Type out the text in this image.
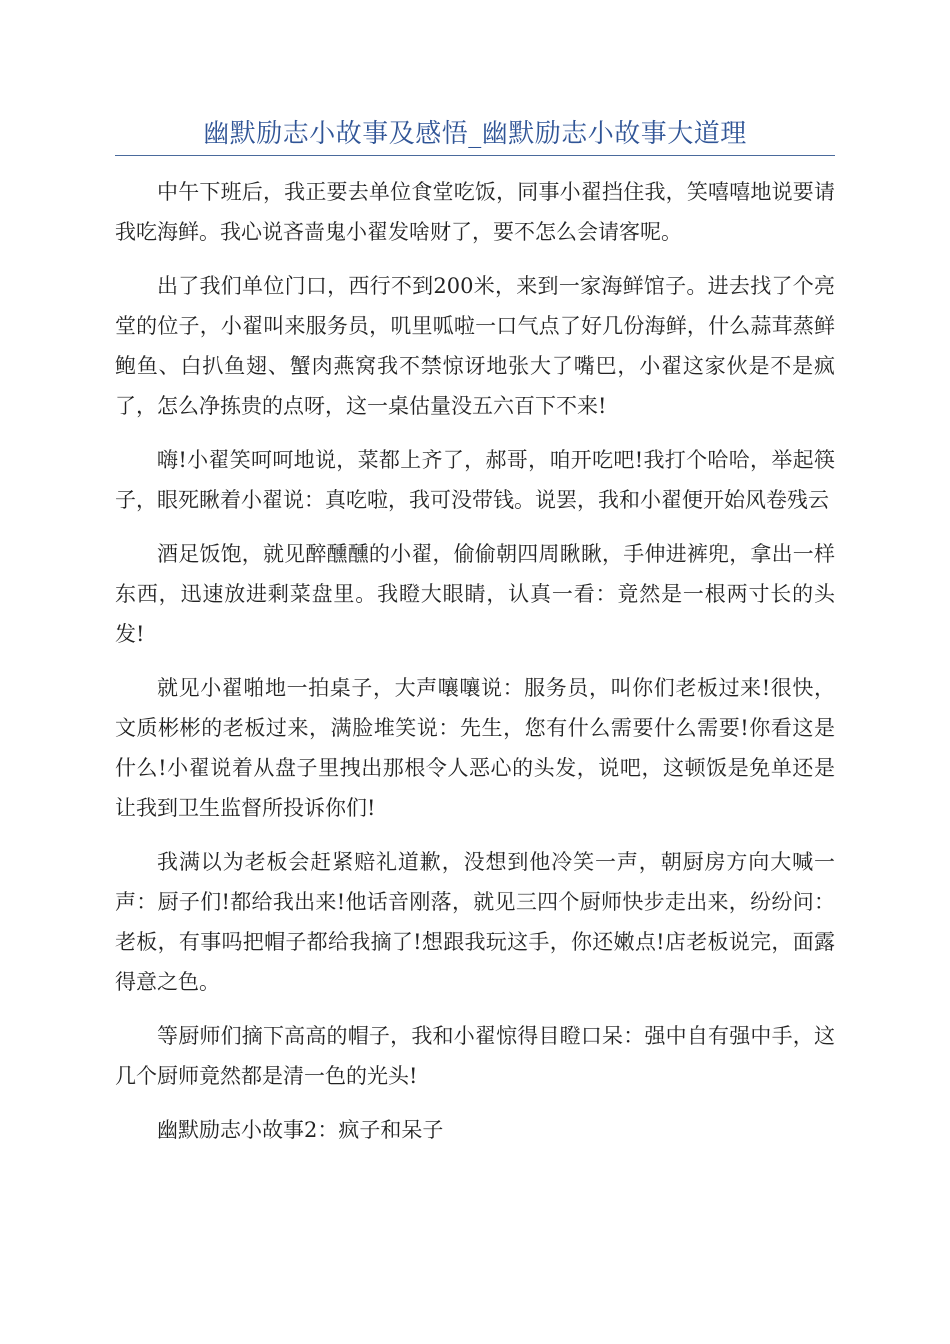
幽默励志小故事及感悟_幽默励志小故事大道理

中午下班后，我正要去单位食堂吃饭，同事小翟挡住我，笑嘻嘻地说要请我吃海鲜。我心说吝啬鬼小翟发啥财了，要不怎么会请客呢。

出了我们单位门口，西行不到200米，来到一家海鲜馆子。进去找了个亮堂的位子，小翟叫来服务员，叽里呱啦一口气点了好几份海鲜，什么蒜茸蒸鲜鲍鱼、白扒鱼翅、蟹肉燕窝我不禁惊讶地张大了嘴巴，小翟这家伙是不是疯了，怎么净拣贵的点呀，这一桌估量没五六百下不来!

嗨!小翟笑呵呵地说，菜都上齐了，郝哥，咱开吃吧!我打个哈哈，举起筷子，眼死瞅着小翟说：真吃啦，我可没带钱。说罢，我和小翟便开始风卷残云

酒足饭饱，就见醉醺醺的小翟，偷偷朝四周瞅瞅，手伸进裤兜，拿出一样东西，迅速放进剩菜盘里。我瞪大眼睛，认真一看：竟然是一根两寸长的头发!

就见小翟啪地一拍桌子，大声嚷嚷说：服务员，叫你们老板过来!很快，文质彬彬的老板过来，满脸堆笑说：先生，您有什么需要什么需要!你看这是什么!小翟说着从盘子里拽出那根令人恶心的头发，说吧，这顿饭是免单还是让我到卫生监督所投诉你们!

我满以为老板会赶紧赔礼道歉，没想到他冷笑一声，朝厨房方向大喊一声：厨子们!都给我出来!他话音刚落，就见三四个厨师快步走出来，纷纷问：老板，有事吗把帽子都给我摘了!想跟我玩这手，你还嫩点!店老板说完，面露得意之色。

等厨师们摘下高高的帽子，我和小翟惊得目瞪口呆：强中自有强中手，这几个厨师竟然都是清一色的光头!

幽默励志小故事2：疯子和呆子
